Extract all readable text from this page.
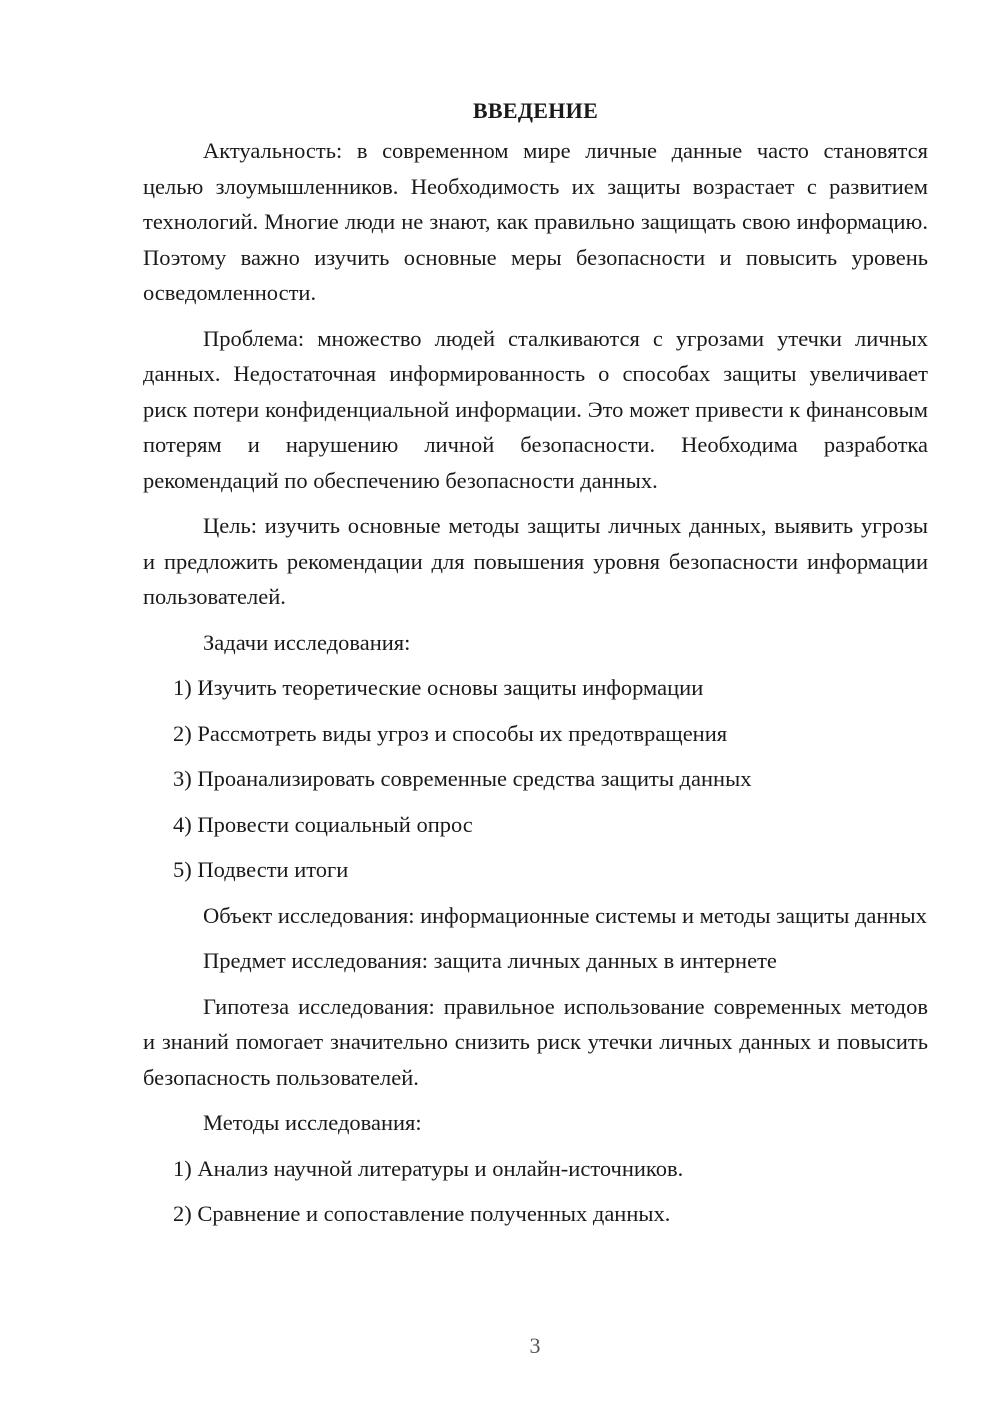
ВВЕДЕНИЕ

Актуальность: в современном мире личные данные часто становятся целью злоумышленников. Необходимость их защиты возрастает с развитием технологий. Многие люди не знают, как правильно защищать свою информацию. Поэтому важно изучить основные меры безопасности и повысить уровень осведомленности.

Проблема: множество людей сталкиваются с угрозами утечки личных данных. Недостаточная информированность о способах защиты увеличивает риск потери конфиденциальной информации. Это может привести к финансовым потерям и нарушению личной безопасности. Необходима разработка рекомендаций по обеспечению безопасности данных.

Цель: изучить основные методы защиты личных данных, выявить угрозы и предложить рекомендации для повышения уровня безопасности информации пользователей.

Задачи исследования:

1) Изучить теоретические основы защиты информации
2) Рассмотреть виды угроз и способы их предотвращения
3) Проанализировать современные средства защиты данных
4) Провести социальный опрос
5) Подвести итоги

Объект исследования: информационные системы и методы защиты данных

Предмет исследования: защита личных данных в интернете

Гипотеза исследования: правильное использование современных методов и знаний помогает значительно снизить риск утечки личных данных и повысить безопасность пользователей.

Методы исследования:

1) Анализ научной литературы и онлайн-источников.
2) Сравнение и сопоставление полученных данных.
3
